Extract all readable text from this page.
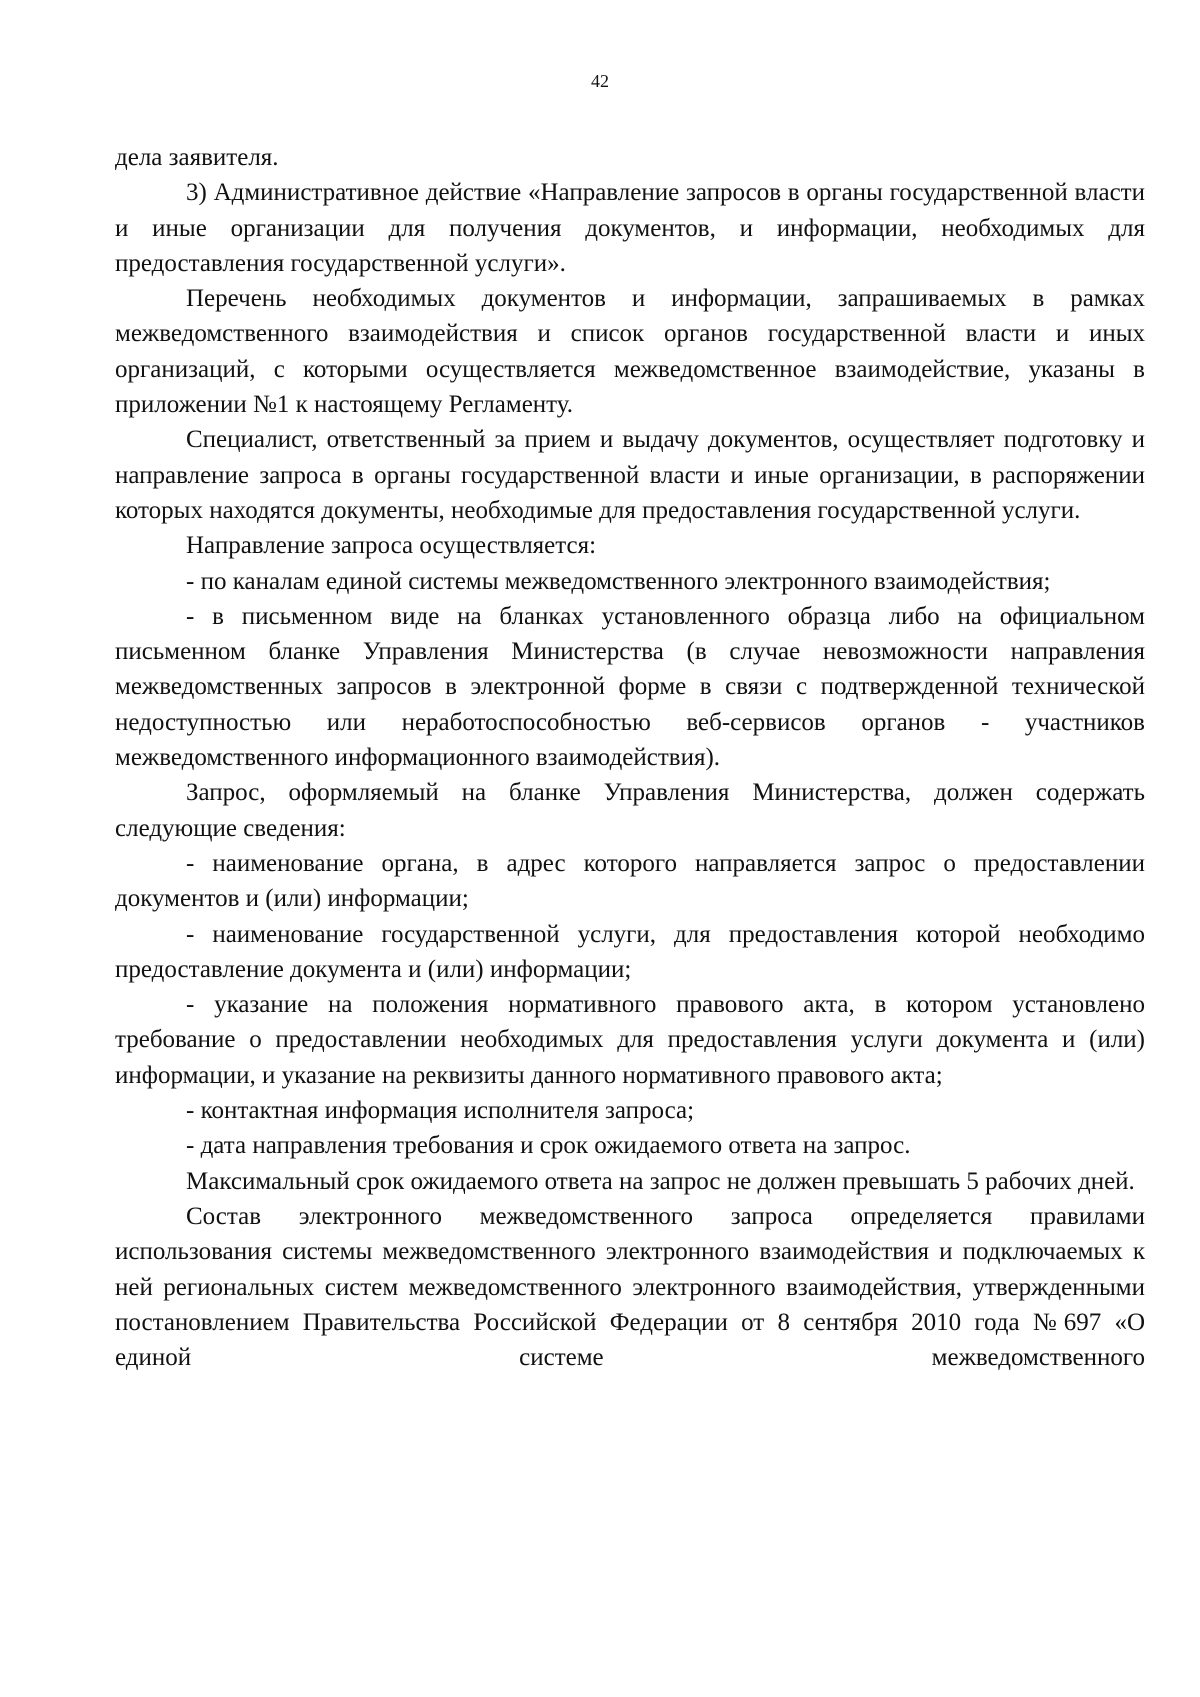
42

дела заявителя.

3) Административное действие «Направление запросов в органы государственной власти и иные организации для получения документов, и информации, необходимых для предоставления государственной услуги».

Перечень необходимых документов и информации, запрашиваемых в рамках межведомственного взаимодействия и список органов государственной власти и иных организаций, с которыми осуществляется межведомственное взаимодействие, указаны в приложении №1 к настоящему Регламенту.

Специалист, ответственный за прием и выдачу документов, осуществляет подготовку и направление запроса в органы государственной власти и иные организации, в распоряжении которых находятся документы, необходимые для предоставления государственной услуги.

Направление запроса осуществляется:

- по каналам единой системы межведомственного электронного взаимодействия;

- в письменном виде на бланках установленного образца либо на официальном письменном бланке Управления Министерства (в случае невозможности направления межведомственных запросов в электронной форме в связи с подтвержденной технической недоступностью или неработоспособностью веб-сервисов органов - участников межведомственного информационного взаимодействия).

Запрос, оформляемый на бланке Управления Министерства, должен содержать следующие сведения:

- наименование органа, в адрес которого направляется запрос о предоставлении документов и (или) информации;

- наименование государственной услуги, для предоставления которой необходимо предоставление документа и (или) информации;

- указание на положения нормативного правового акта, в котором установлено требование о предоставлении необходимых для предоставления услуги документа и (или) информации, и указание на реквизиты данного нормативного правового акта;

- контактная информация исполнителя запроса;

- дата направления требования и срок ожидаемого ответа на запрос.

Максимальный срок ожидаемого ответа на запрос не должен превышать 5 рабочих дней.

Состав электронного межведомственного запроса определяется правилами использования системы межведомственного электронного взаимодействия и подключаемых к ней региональных систем межведомственного электронного взаимодействия, утвержденными постановлением Правительства Российской Федерации от 8 сентября 2010 года №697 «О единой системе межведомственного
